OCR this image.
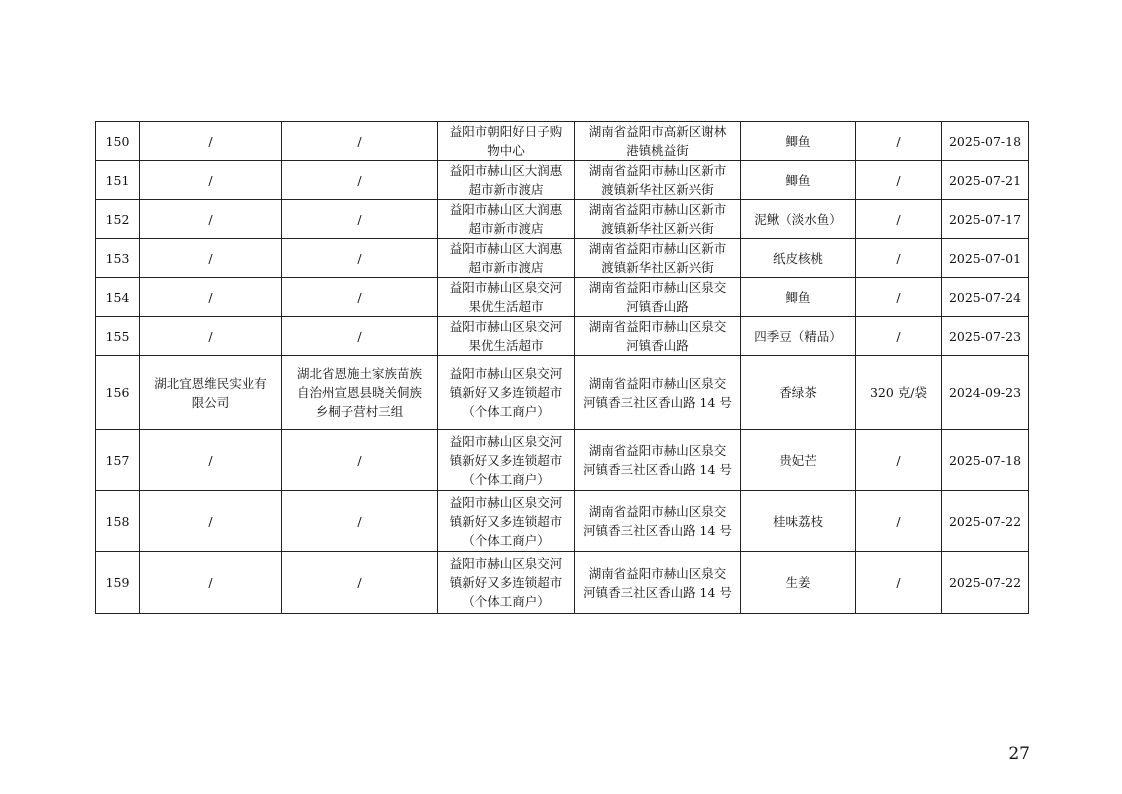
150	/	/	益阳市朝阳好日子购
物中心	湖南省益阳市高新区谢林
港镇桃益街	鲫鱼	/	2025-07-18
151	/	/	益阳市赫山区大润惠
超市新市渡店	湖南省益阳市赫山区新市
渡镇新华社区新兴街	鲫鱼	/	2025-07-21
152	/	/	益阳市赫山区大润惠
超市新市渡店	湖南省益阳市赫山区新市
渡镇新华社区新兴街	泥鳅（淡水鱼）	/	2025-07-17
153	/	/	益阳市赫山区大润惠
超市新市渡店	湖南省益阳市赫山区新市
渡镇新华社区新兴街	纸皮核桃	/	2025-07-01
154	/	/	益阳市赫山区泉交河
果优生活超市	湖南省益阳市赫山区泉交
河镇香山路	鲫鱼	/	2025-07-24
155	/	/	益阳市赫山区泉交河
果优生活超市	湖南省益阳市赫山区泉交
河镇香山路	四季豆（精品）	/	2025-07-23
156	湖北宜恩维民实业有
限公司	湖北省恩施土家族苗族
自治州宣恩县晓关侗族
乡桐子营村三组	益阳市赫山区泉交河
镇新好又多连锁超市
（个体工商户）	湖南省益阳市赫山区泉交
河镇香三社区香山路 14 号	香绿茶	320 克/袋	2024-09-23
157	/	/	益阳市赫山区泉交河
镇新好又多连锁超市
（个体工商户）	湖南省益阳市赫山区泉交
河镇香三社区香山路 14 号	贵妃芒	/	2025-07-18
158	/	/	益阳市赫山区泉交河
镇新好又多连锁超市
（个体工商户）	湖南省益阳市赫山区泉交
河镇香三社区香山路 14 号	桂味荔枝	/	2025-07-22
159	/	/	益阳市赫山区泉交河
镇新好又多连锁超市
（个体工商户）	湖南省益阳市赫山区泉交
河镇香三社区香山路 14 号	生姜	/	2025-07-22
27
